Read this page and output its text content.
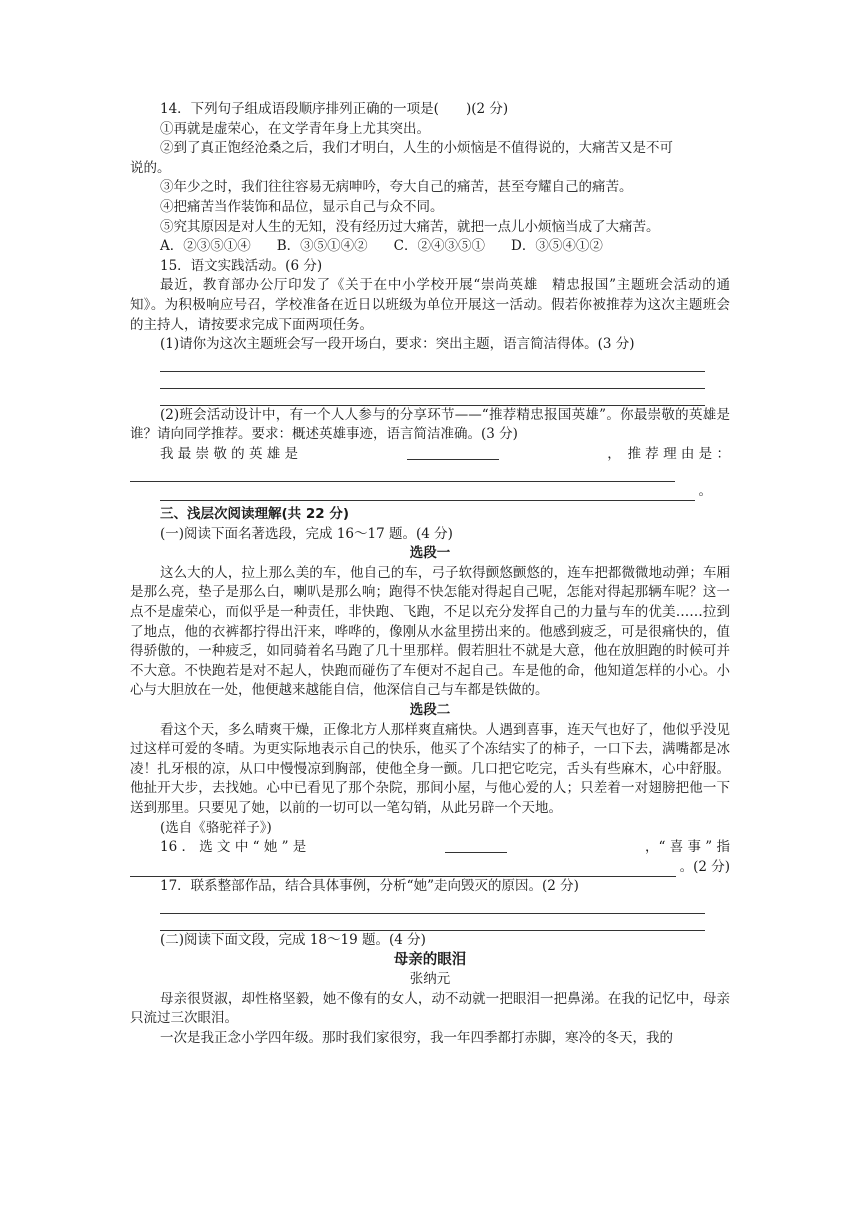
14．下列句子组成语段顺序排列正确的一项是(　　)(2 分)
①再就是虚荣心，在文学青年身上尤其突出。
②到了真正饱经沧桑之后，我们才明白，人生的小烦恼是不值得说的，大痛苦又是不可
说的。
③年少之时，我们往往容易无病呻吟，夸大自己的痛苦，甚至夸耀自己的痛苦。
④把痛苦当作装饰和品位，显示自己与众不同。
⑤究其原因是对人生的无知，没有经历过大痛苦，就把一点儿小烦恼当成了大痛苦。
A．②③⑤①④ B．③⑤①④② C．②④③⑤① D．③⑤④①②
15．语文实践活动。(6 分)
最近，教育部办公厅印发了《关于在中小学校开展“崇尚英雄　精忠报国”主题班会活动的通知》。为积极响应号召，学校准备在近日以班级为单位开展这一活动。假若你被推荐为这次主题班会的主持人，请按要求完成下面两项任务。
(1)请你为这次主题班会写一段开场白，要求：突出主题，语言简洁得体。(3 分)
(2)班会活动设计中，有一个人人参与的分享环节——“推荐精忠报国英雄”。你最崇敬的英雄是谁？请向同学推荐。要求：概述英雄事迹，语言简洁准确。(3 分)
我 最 崇 敬 的 英 雄 是	，　推 荐 理 由 是 ：
。
三、浅层次阅读理解(共 22 分)
(一)阅读下面名著选段，完成 16～17 题。(4 分)
选段一
这么大的人，拉上那么美的车，他自己的车，弓子软得颤悠颤悠的，连车把都微微地动弹；车厢是那么亮，垫子是那么白，喇叭是那么响；跑得不快怎能对得起自己呢，怎能对得起那辆车呢？这一点不是虚荣心，而似乎是一种责任，非快跑、飞跑，不足以充分发挥自己的力量与车的优美……拉到了地点，他的衣裤都拧得出汗来，哗哗的，像刚从水盆里捞出来的。他感到疲乏，可是很痛快的，值得骄傲的，一种疲乏，如同骑着名马跑了几十里那样。假若胆壮不就是大意，他在放胆跑的时候可并不大意。不快跑若是对不起人，快跑而碰伤了车便对不起自己。车是他的命，他知道怎样的小心。小心与大胆放在一处，他便越来越能自信，他深信自己与车都是铁做的。
选段二
看这个天，多么晴爽干燥，正像北方人那样爽直痛快。人遇到喜事，连天气也好了，他似乎没见过这样可爱的冬晴。为更实际地表示自己的快乐，他买了个冻结实了的柿子，一口下去，满嘴都是冰凌！扎牙根的凉，从口中慢慢凉到胸部，使他全身一颤。几口把它吃完，舌头有些麻木，心中舒服。他扯开大步，去找她。心中已看见了那个杂院，那间小屋，与他心爱的人；只差着一对翅膀把他一下送到那里。只要见了她，以前的一切可以一笔勾销，从此另辟一个天地。
(选自《骆驼祥子》)
16 ． 选 文 中 “ 她 ” 是	，“ 喜 事 ” 指
。(2 分)
17．联系整部作品，结合具体事例，分析“她”走向毁灭的原因。(2 分)
(二)阅读下面文段，完成 18～19 题。(4 分)
母亲的眼泪
张纳元
母亲很贤淑，却性格坚毅，她不像有的女人，动不动就一把眼泪一把鼻涕。在我的记忆中，母亲只流过三次眼泪。
一次是我正念小学四年级。那时我们家很穷，我一年四季都打赤脚，寒冷的冬天，我的
